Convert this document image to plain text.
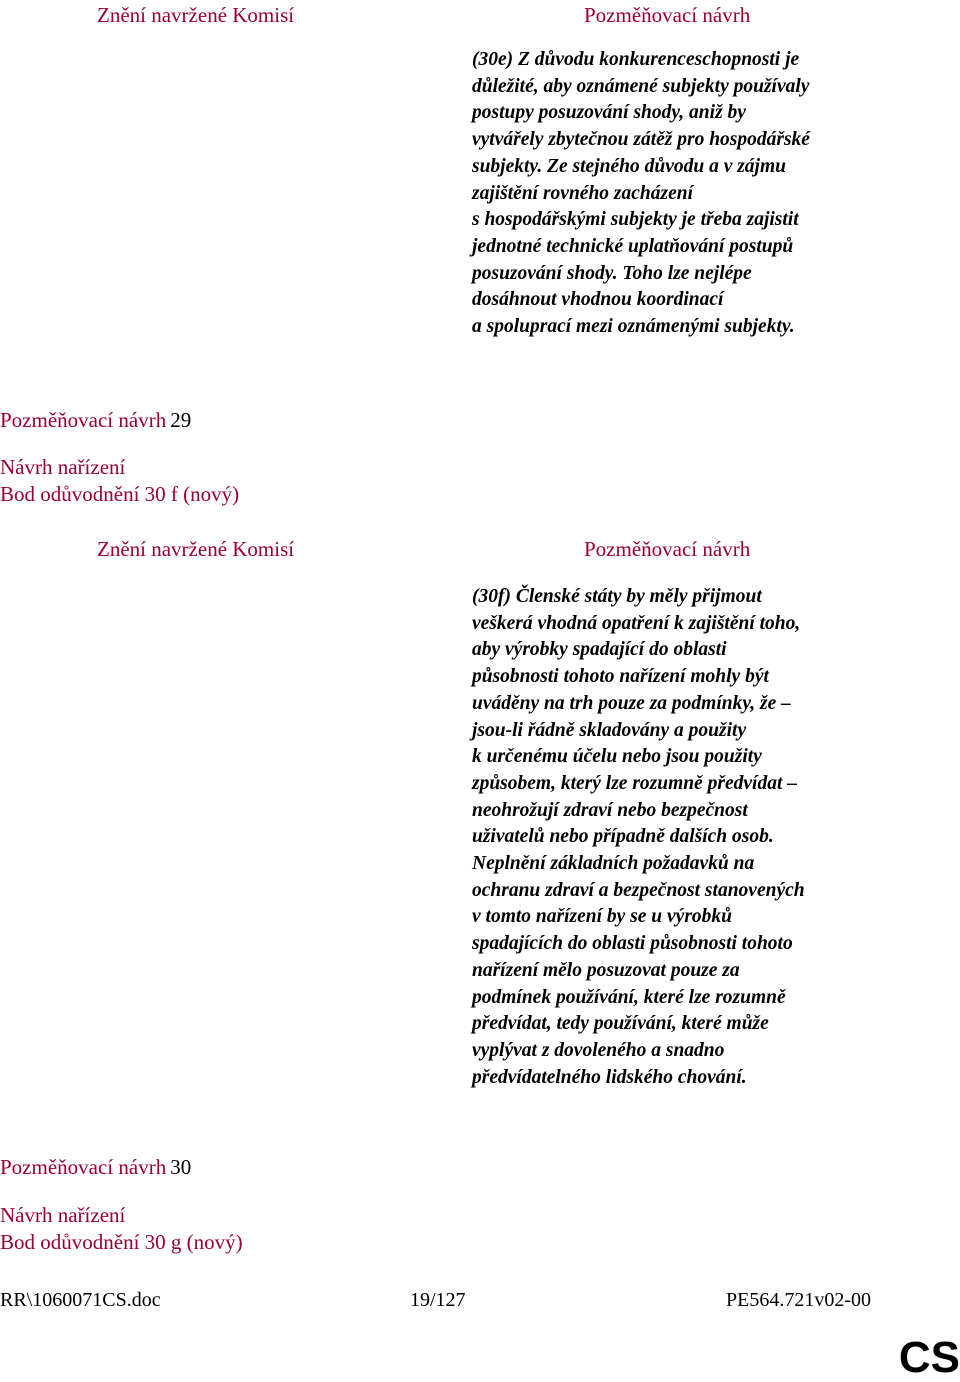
Znění navržené Komisí	Pozměňovací návrh
(30e) Z důvodu konkurenceschopnosti je
důležité, aby oznámené subjekty používaly
postupy posuzování shody, aniž by
vytvářely zbytečnou zátěž pro hospodářské
subjekty. Ze stejného důvodu a v zájmu
zajištění rovného zacházení
s hospodářskými subjekty je třeba zajistit
jednotné technické uplatňování postupů
posuzování shody. Toho lze nejlépe
dosáhnout vhodnou koordinací
a spoluprací mezi oznámenými subjekty.
Pozměňovací návrh 29
Návrh nařízení
Bod odůvodnění 30 f (nový)
Znění navržené Komisí	Pozměňovací návrh
(30f) Členské státy by měly přijmout
veškerá vhodná opatření k zajištění toho,
aby výrobky spadající do oblasti
působnosti tohoto nařízení mohly být
uváděny na trh pouze za podmínky, že –
jsou-li řádně skladovány a použity
k určenému účelu nebo jsou použity
způsobem, který lze rozumně předvídat –
neohrožují zdraví nebo bezpečnost
uživatelů nebo případně dalších osob.
Neplnění základních požadavků na
ochranu zdraví a bezpečnost stanovených
v tomto nařízení by se u výrobků
spadajících do oblasti působnosti tohoto
nařízení mělo posuzovat pouze za
podmínek používání, které lze rozumně
předvídat, tedy používání, které může
vyplývat z dovoleného a snadno
předvídatelného lidského chování.
Pozměňovací návrh 30
Návrh nařízení
Bod odůvodnění 30 g (nový)
RR\1060071CS.doc	19/127	PE564.721v02-00
CS
